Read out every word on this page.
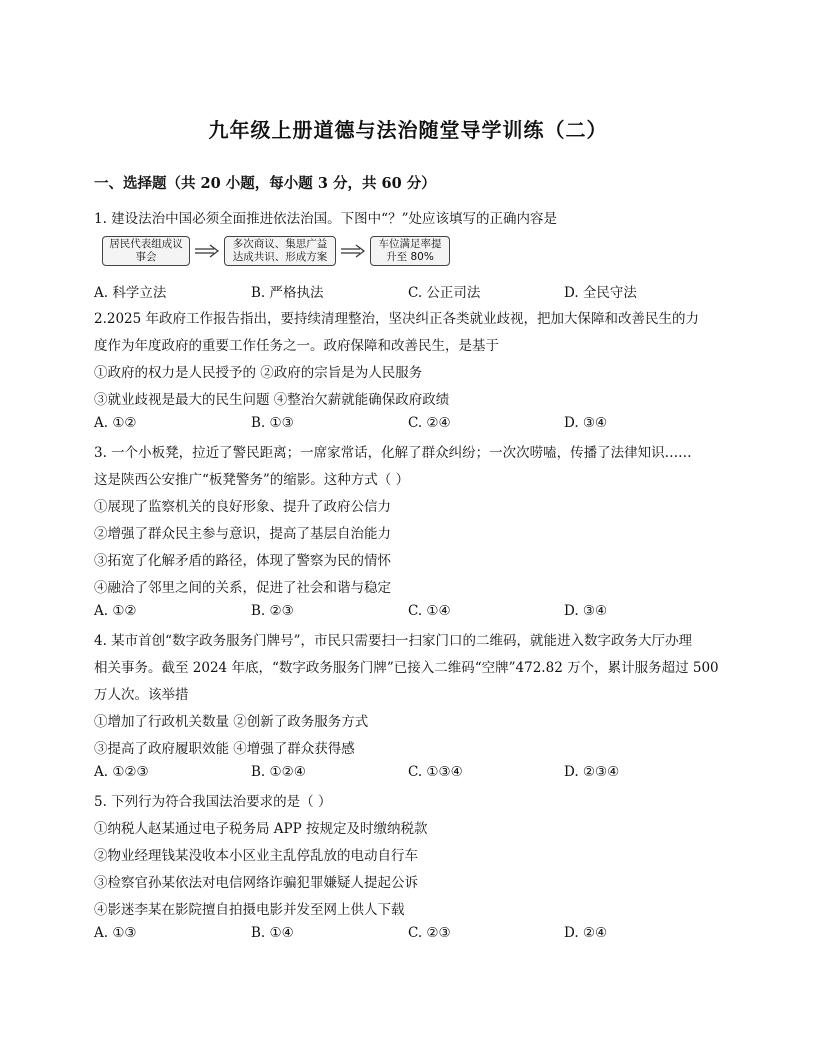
九年级上册道德与法治随堂导学训练（二）
一、选择题（共 20 小题，每小题 3 分，共 60 分）
1. 建设法治中国必须全面推进依法治国。下图中“？”处应该填写的正确内容是
居民代表组成议事会
多次商议、集思广益达成共识、形成方案
车位满足率提升至 80%
A. 科学立法	B. 严格执法	C. 公正司法	D. 全民守法
2.2025 年政府工作报告指出，要持续清理整治，坚决纠正各类就业歧视，把加大保障和改善民生的力
度作为年度政府的重要工作任务之一。政府保障和改善民生，是基于
①政府的权力是人民授予的 ②政府的宗旨是为人民服务
③就业歧视是最大的民生问题 ④整治欠薪就能确保政府政绩
A. ①②	B. ①③	C. ②④	D. ③④
3. 一个小板凳，拉近了警民距离；一席家常话，化解了群众纠纷；一次次唠嗑，传播了法律知识……
这是陕西公安推广“板凳警务”的缩影。这种方式（ ）
①展现了监察机关的良好形象、提升了政府公信力
②增强了群众民主参与意识，提高了基层自治能力
③拓宽了化解矛盾的路径，体现了警察为民的情怀
④融洽了邻里之间的关系，促进了社会和谐与稳定
A. ①②	B. ②③	C. ①④	D. ③④
4. 某市首创“数字政务服务门牌号”，市民只需要扫一扫家门口的二维码，就能进入数字政务大厅办理
相关事务。截至 2024 年底，“数字政务服务门牌”已接入二维码“空牌”472.82 万个，累计服务超过 500
万人次。该举措
①增加了行政机关数量 ②创新了政务服务方式
③提高了政府履职效能 ④增强了群众获得感
A. ①②③	B. ①②④	C. ①③④	D. ②③④
5. 下列行为符合我国法治要求的是（ ）
①纳税人赵某通过电子税务局 APP 按规定及时缴纳税款
②物业经理钱某没收本小区业主乱停乱放的电动自行车
③检察官孙某依法对电信网络诈骗犯罪嫌疑人提起公诉
④影迷李某在影院擅自拍摄电影并发至网上供人下载
A. ①③	B. ①④	C. ②③	D. ②④
